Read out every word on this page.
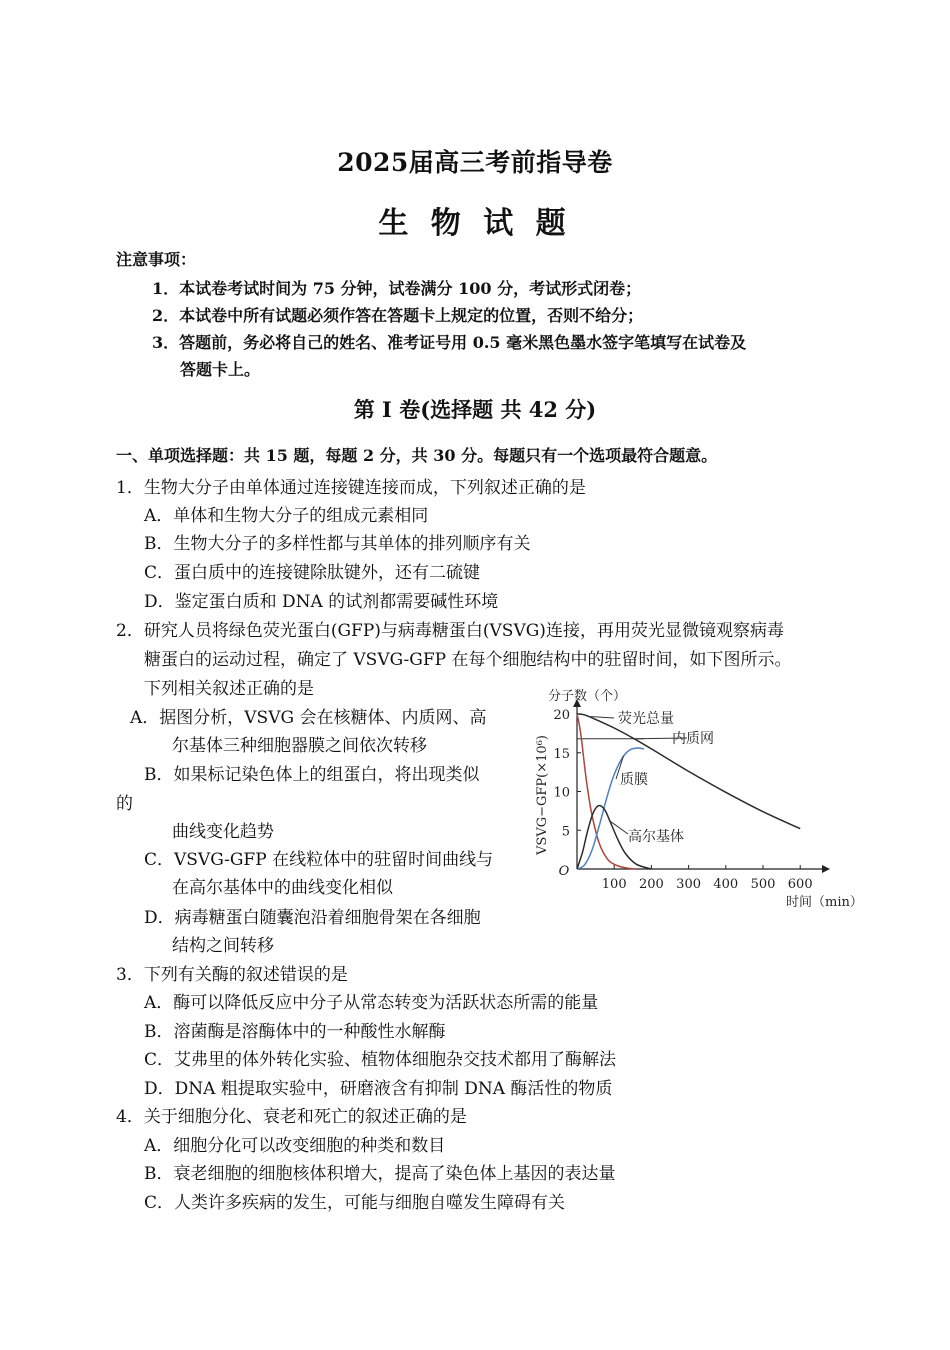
2025届高三考前指导卷
生 物 试 题
注意事项：
1．本试卷考试时间为 75 分钟，试卷满分 100 分，考试形式闭卷；
2．本试卷中所有试题必须作答在答题卡上规定的位置，否则不给分；
3．答题前，务必将自己的姓名、准考证号用 0.5 毫米黑色墨水签字笔填写在试卷及
答题卡上。
第 Ⅰ 卷(选择题 共 42 分)
一、单项选择题：共 15 题，每题 2 分，共 30 分。每题只有一个选项最符合题意。
1．生物大分子由单体通过连接键连接而成，下列叙述正确的是
A．单体和生物大分子的组成元素相同
B．生物大分子的多样性都与其单体的排列顺序有关
C．蛋白质中的连接键除肽键外，还有二硫键
D．鉴定蛋白质和 DNA 的试剂都需要碱性环境
2．研究人员将绿色荧光蛋白(GFP)与病毒糖蛋白(VSVG)连接，再用荧光显微镜观察病毒
糖蛋白的运动过程，确定了 VSVG-GFP 在每个细胞结构中的驻留时间，如下图所示。
下列相关叙述正确的是
A．据图分析，VSVG 会在核糖体、内质网、高
尔基体三种细胞器膜之间依次转移
B．如果标记染色体上的组蛋白，将出现类似
的
曲线变化趋势
C．VSVG-GFP 在线粒体中的驻留时间曲线与
在高尔基体中的曲线变化相似
D．病毒糖蛋白随囊泡沿着细胞骨架在各细胞
结构之间转移
100 200 300 400 500 600
5
10
15
20
O
分子数（个）
VSVG−GFP(×10⁶)
时间（min）
荧光总量
内质网
质膜
高尔基体
3．下列有关酶的叙述错误的是
A．酶可以降低反应中分子从常态转变为活跃状态所需的能量
B．溶菌酶是溶酶体中的一种酸性水解酶
C．艾弗里的体外转化实验、植物体细胞杂交技术都用了酶解法
D．DNA 粗提取实验中，研磨液含有抑制 DNA 酶活性的物质
4．关于细胞分化、衰老和死亡的叙述正确的是
A．细胞分化可以改变细胞的种类和数目
B．衰老细胞的细胞核体积增大，提高了染色体上基因的表达量
C．人类许多疾病的发生，可能与细胞自噬发生障碍有关
